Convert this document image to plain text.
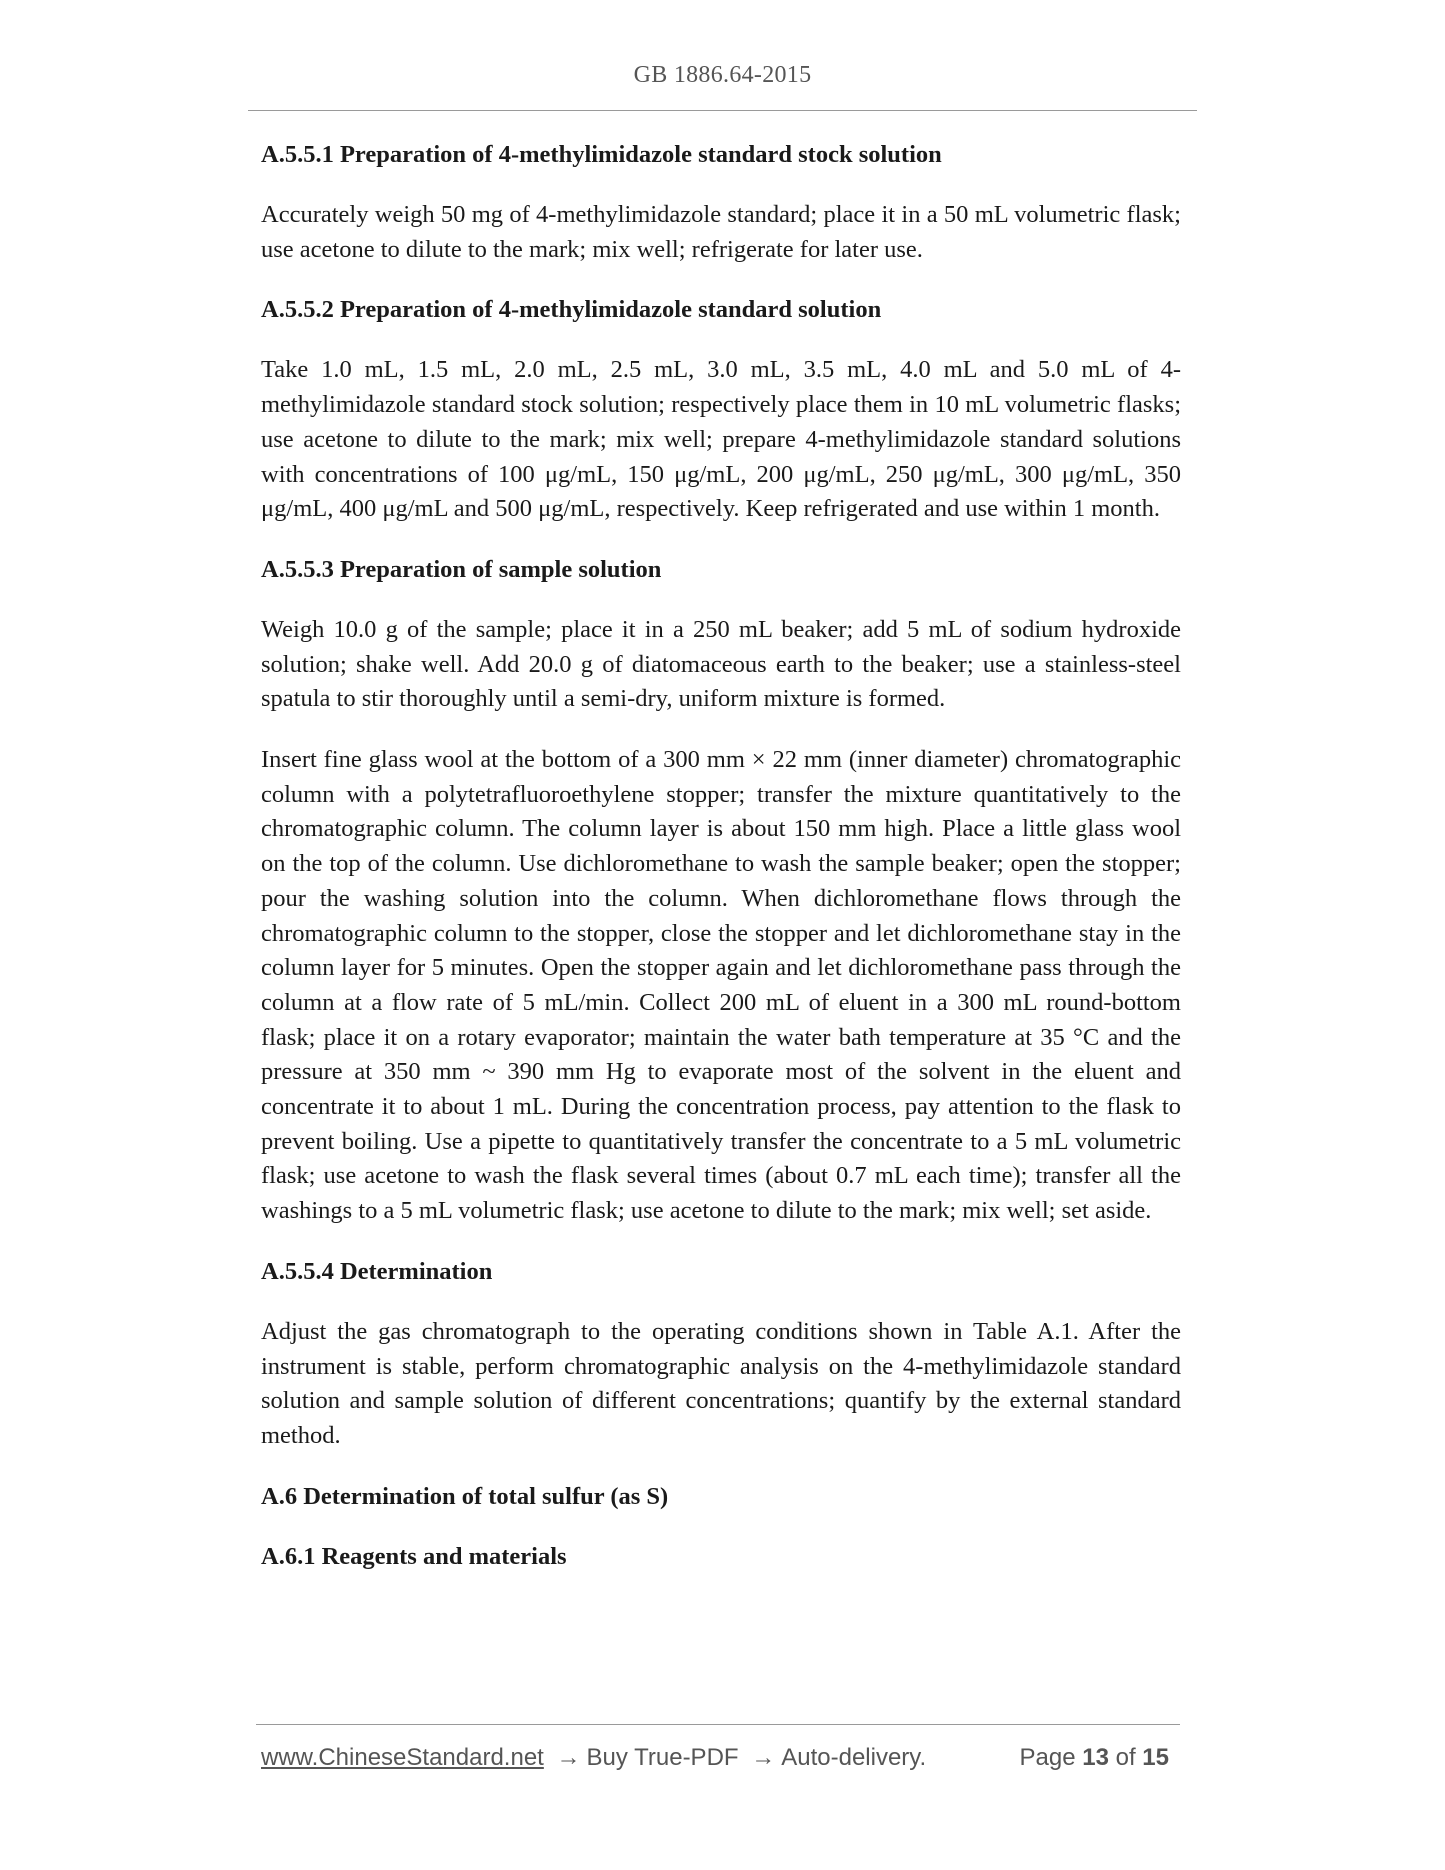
GB 1886.64-2015
A.5.5.1 Preparation of 4-methylimidazole standard stock solution

Accurately weigh 50 mg of 4-methylimidazole standard; place it in a 50 mL volumetric flask; use acetone to dilute to the mark; mix well; refrigerate for later use.

A.5.5.2 Preparation of 4-methylimidazole standard solution

Take 1.0 mL, 1.5 mL, 2.0 mL, 2.5 mL, 3.0 mL, 3.5 mL, 4.0 mL and 5.0 mL of 4-methylimidazole standard stock solution; respectively place them in 10 mL volumetric flasks; use acetone to dilute to the mark; mix well; prepare 4-methylimidazole standard solutions with concentrations of 100 μg/mL, 150 μg/mL, 200 μg/mL, 250 μg/mL, 300 μg/mL, 350 μg/mL, 400 μg/mL and 500 μg/mL, respectively. Keep refrigerated and use within 1 month.

A.5.5.3 Preparation of sample solution

Weigh 10.0 g of the sample; place it in a 250 mL beaker; add 5 mL of sodium hydroxide solution; shake well. Add 20.0 g of diatomaceous earth to the beaker; use a stainless-steel spatula to stir thoroughly until a semi-dry, uniform mixture is formed.

Insert fine glass wool at the bottom of a 300 mm × 22 mm (inner diameter) chromatographic column with a polytetrafluoroethylene stopper; transfer the mixture quantitatively to the chromatographic column. The column layer is about 150 mm high. Place a little glass wool on the top of the column. Use dichloromethane to wash the sample beaker; open the stopper; pour the washing solution into the column. When dichloromethane flows through the chromatographic column to the stopper, close the stopper and let dichloromethane stay in the column layer for 5 minutes. Open the stopper again and let dichloromethane pass through the column at a flow rate of 5 mL/min. Collect 200 mL of eluent in a 300 mL round-bottom flask; place it on a rotary evaporator; maintain the water bath temperature at 35 °C and the pressure at 350 mm ~ 390 mm Hg to evaporate most of the solvent in the eluent and concentrate it to about 1 mL. During the concentration process, pay attention to the flask to prevent boiling. Use a pipette to quantitatively transfer the concentrate to a 5 mL volumetric flask; use acetone to wash the flask several times (about 0.7 mL each time); transfer all the washings to a 5 mL volumetric flask; use acetone to dilute to the mark; mix well; set aside.

A.5.5.4 Determination

Adjust the gas chromatograph to the operating conditions shown in Table A.1. After the instrument is stable, perform chromatographic analysis on the 4-methylimidazole standard solution and sample solution of different concentrations; quantify by the external standard method.

A.6 Determination of total sulfur (as S)
A.6.1 Reagents and materials
www.ChineseStandard.net → Buy True-PDF → Auto-delivery.	Page 13 of 15
